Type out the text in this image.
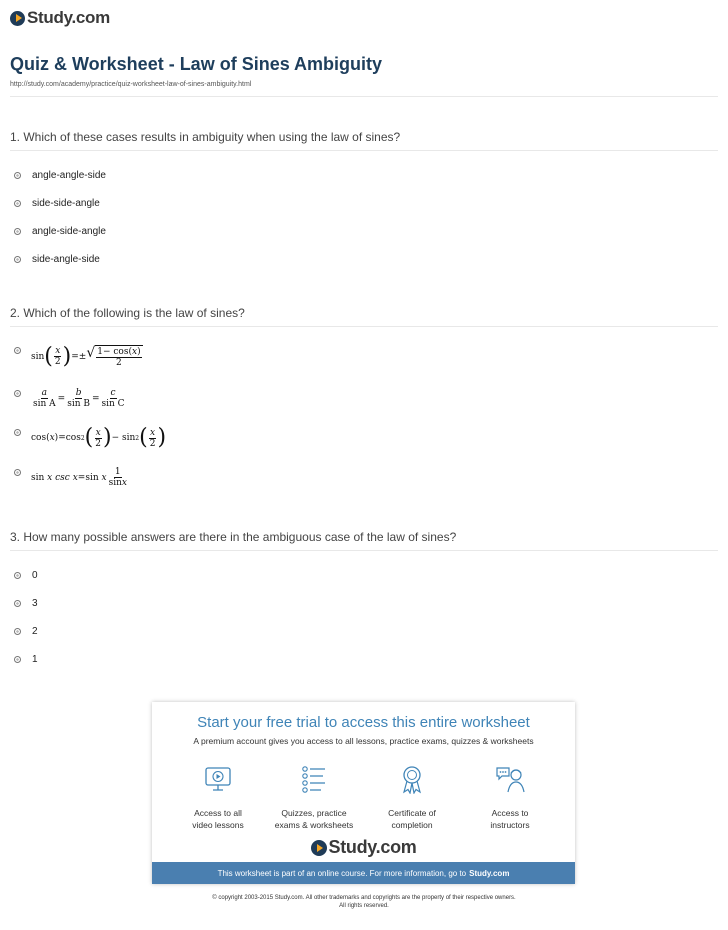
Study.com
Quiz & Worksheet - Law of Sines Ambiguity
http://study.com/academy/practice/quiz-worksheet-law-of-sines-ambiguity.html
1. Which of these cases results in ambiguity when using the law of sines?
angle-angle-side
side-side-angle
angle-side-angle
side-angle-side
2. Which of the following is the law of sines?
sin ( $\frac{x}{2}$ ) =± √ $\frac{1- \cos(x)}{2}$
$\frac{a}{\text{sin A}} = \frac{b}{\text{sin B}} = \frac{c}{\text{sin C}}$
cos ( x ) = cos 2 ( $\frac{x}{2}$ ) −
sin 2 ( $\frac{x}{2}$ )
sin
x
csc
x = sin
x $\frac{1}{\sin x}$
3. How many possible answers are there in the ambiguous case of the law of sines?
0
3
2
1
Start your free trial to access this entire worksheet
A premium account gives you access to all lessons, practice exams, quizzes & worksheets
Access to all
video lessons
Quizzes, practice
exams & worksheets
Certificate of
completion
Access to
instructors
Study.com
This worksheet is part of an online course. For more information, go to Study.com
© copyright 2003-2015 Study.com. All other trademarks and copyrights are the property of their respective owners.
All rights reserved.
